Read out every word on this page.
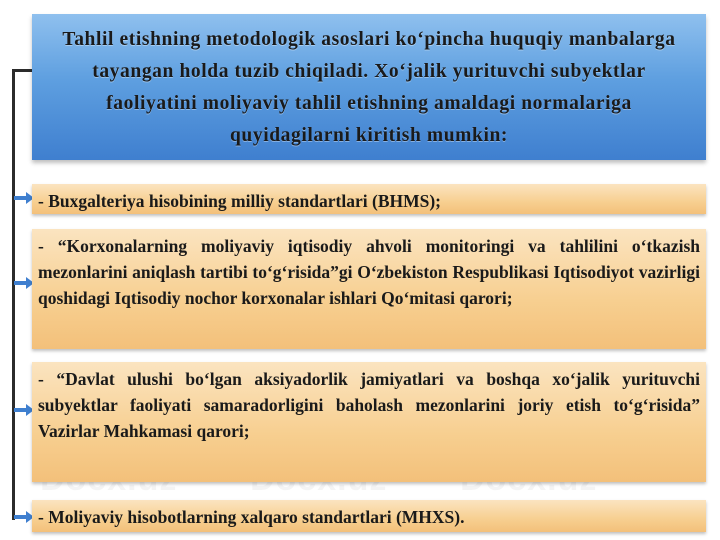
Tahlil etishning metodologik asoslari ko‘pincha huquqiy manbalarga tayangan holda tuzib chiqiladi. Xo‘jalik yurituvchi subyektlar faoliyatini moliyaviy tahlil etishning amaldagi normalariga quyidagilarni kiritish mumkin:

- Buxgalteriya hisobining milliy standartlari (BHMS);
- “Korxonalarning moliyaviy iqtisodiy ahvoli monitoringi va tahlilini o‘tkazish mezonlarini aniqlash tartibi to‘g‘risida”gi O‘zbekiston Respublikasi Iqtisodiyot vazirligi qoshidagi Iqtisodiy nochor korxonalar ishlari Qo‘mitasi qarori;
- “Davlat ulushi bo‘lgan aksiyadorlik jamiyatlari va boshqa xo‘jalik yurituvchi subyektlar faoliyati samaradorligini baholash mezonlarini joriy etish to‘g‘risida” Vazirlar Mahkamasi qarori;
- Moliyaviy hisobotlarning xalqaro standartlari (MHXS).
